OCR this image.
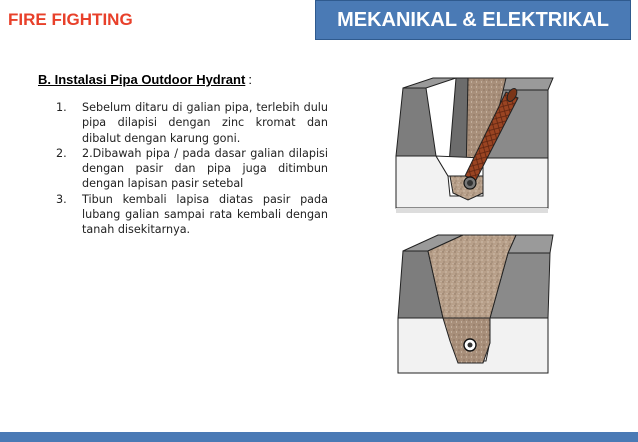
FIRE FIGHTING	MEKANIKAL & ELEKTRIKAL
B. Instalasi Pipa Outdoor Hydrant :
1.	Sebelum ditaru di galian pipa, terlebih dulu pipa dilapisi dengan zinc kromat dan dibalut dengan karung goni.
2.	2.Dibawah pipa / pada dasar galian dilapisi dengan pasir dan pipa juga ditimbun dengan lapisan pasir setebal
3.	Tibun kembali lapisa diatas pasir pada lubang galian sampai rata kembali dengan tanah disekitarnya.
